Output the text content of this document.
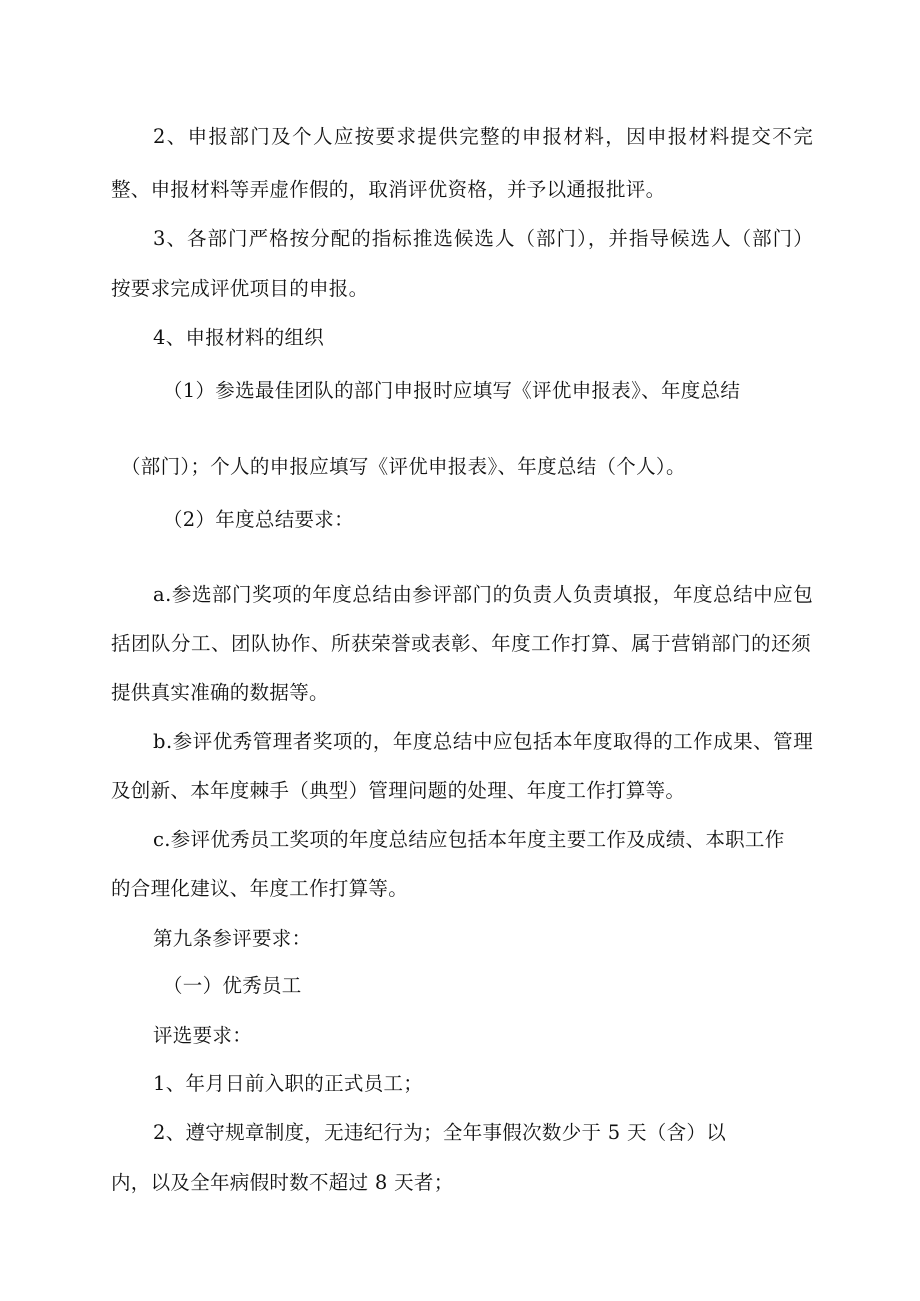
2、申报部门及个人应按要求提供完整的申报材料，因申报材料提交不完
整、申报材料等弄虚作假的，取消评优资格，并予以通报批评。
3、各部门严格按分配的指标推选候选人（部门），并指导候选人（部门）
按要求完成评优项目的申报。
4、申报材料的组织
（1）参选最佳团队的部门申报时应填写《评优申报表》、年度总结
（部门）；个人的申报应填写《评优申报表》、年度总结（个人）。
（2）年度总结要求：
a.参选部门奖项的年度总结由参评部门的负责人负责填报，年度总结中应包
括团队分工、团队协作、所获荣誉或表彰、年度工作打算、属于营销部门的还须
提供真实准确的数据等。
b.参评优秀管理者奖项的，年度总结中应包括本年度取得的工作成果、管理
及创新、本年度棘手（典型）管理问题的处理、年度工作打算等。
c.参评优秀员工奖项的年度总结应包括本年度主要工作及成绩、本职工作
的合理化建议、年度工作打算等。
第九条参评要求：
（一）优秀员工
评选要求：
1、年月日前入职的正式员工；
2、遵守规章制度，无违纪行为；全年事假次数少于 5 天（含）以
内，以及全年病假时数不超过 8 天者；
